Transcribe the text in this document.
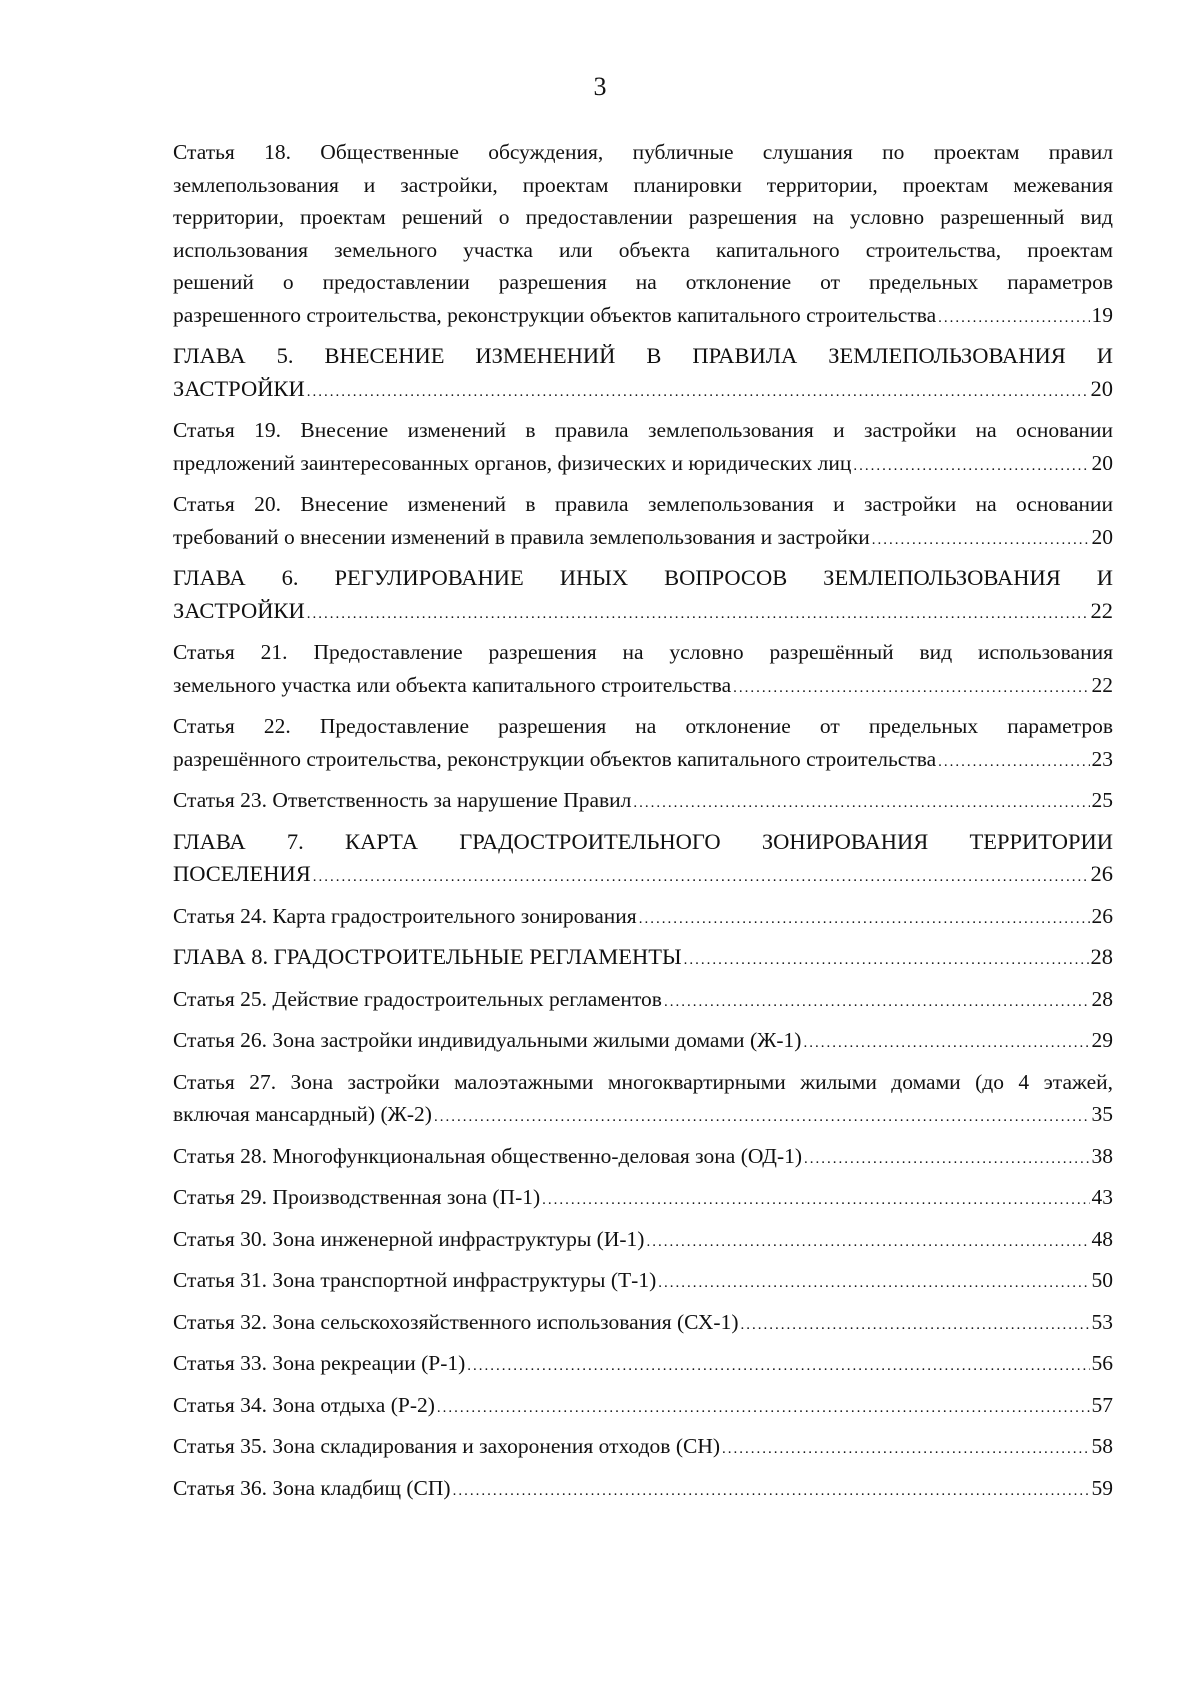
3
Статья 18. Общественные обсуждения, публичные слушания по проектам правил
землепользования и застройки, проектам планировки территории, проектам межевания
территории, проектам решений о предоставлении разрешения на условно разрешенный вид
использования земельного участка или объекта капитального строительства, проектам
решений о предоставлении разрешения на отклонение от предельных параметров
разрешенного строительства, реконструкции объектов капитального строительства .....	19
ГЛАВА 5. ВНЕСЕНИЕ ИЗМЕНЕНИЙ В ПРАВИЛА ЗЕМЛЕПОЛЬЗОВАНИЯ И
ЗАСТРОЙКИ .....	20
Статья 19. Внесение изменений в правила землепользования и застройки на основании
предложений заинтересованных органов, физических и юридических лиц .....	20
Статья 20. Внесение изменений в правила землепользования и застройки на основании
требований о внесении изменений в правила землепользования и застройки .....	20
ГЛАВА 6. РЕГУЛИРОВАНИЕ ИНЫХ ВОПРОСОВ ЗЕМЛЕПОЛЬЗОВАНИЯ И
ЗАСТРОЙКИ .....	22
Статья 21. Предоставление разрешения на условно разрешённый вид использования
земельного участка или объекта капитального строительства .....	22
Статья 22. Предоставление разрешения на отклонение от предельных параметров
разрешённого строительства, реконструкции объектов капитального строительства .....	23
Статья 23. Ответственность за нарушение Правил .....	25
ГЛАВА 7. КАРТА ГРАДОСТРОИТЕЛЬНОГО ЗОНИРОВАНИЯ ТЕРРИТОРИИ
ПОСЕЛЕНИЯ .....	26
Статья 24. Карта градостроительного зонирования .....	26
ГЛАВА 8. ГРАДОСТРОИТЕЛЬНЫЕ РЕГЛАМЕНТЫ .....	28
Статья 25. Действие градостроительных регламентов .....	28
Статья 26. Зона застройки индивидуальными жилыми домами (Ж-1) .....	29
Статья 27. Зона застройки малоэтажными многоквартирными жилыми домами (до 4 этажей,
включая мансардный) (Ж-2) .....	35
Статья 28. Многофункциональная общественно-деловая зона (ОД-1) .....	38
Статья 29. Производственная зона (П-1) .....	43
Статья 30. Зона инженерной инфраструктуры (И-1) .....	48
Статья 31. Зона транспортной инфраструктуры (Т-1) .....	50
Статья 32. Зона сельскохозяйственного использования (СХ-1) .....	53
Статья 33. Зона рекреации (Р-1) .....	56
Статья 34. Зона отдыха (Р-2) .....	57
Статья 35. Зона складирования и захоронения отходов (СН) .....	58
Статья 36. Зона кладбищ (СП) .....	59
